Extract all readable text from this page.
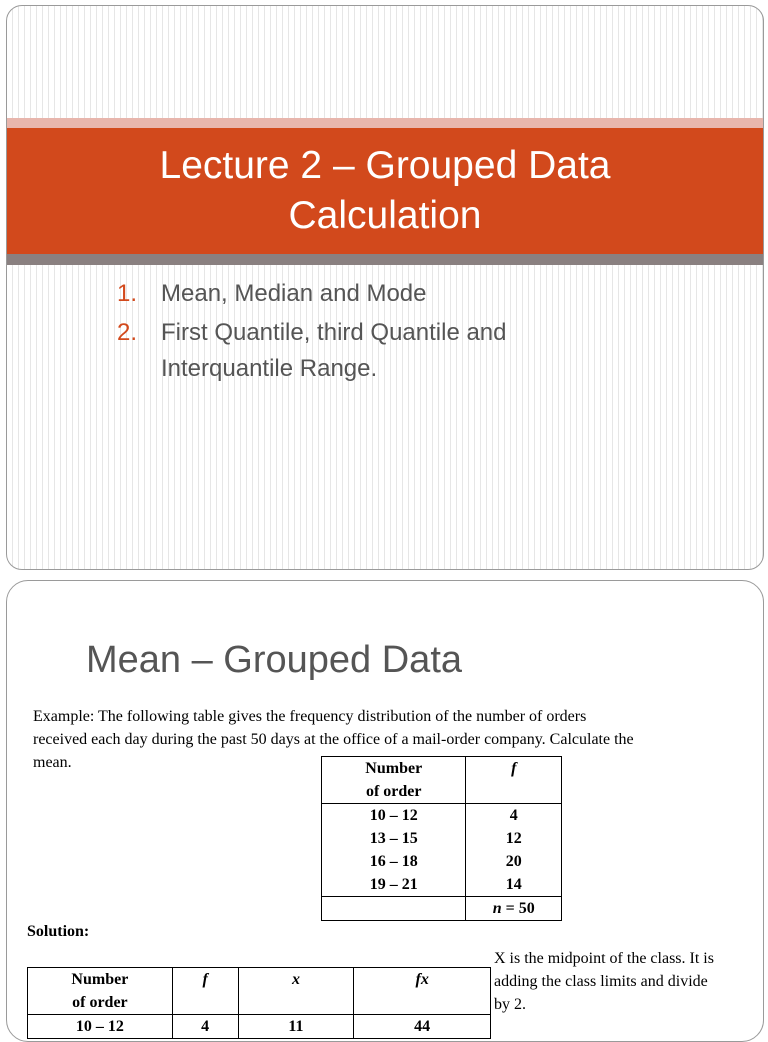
Lecture 2 – Grouped Data
Calculation
1. Mean, Median and Mode
2. First Quantile, third Quantile and Interquantile Range.
Mean – Grouped Data
Example: The following table gives the frequency distribution of the number of orders received each day during the past 50 days at the office of a mail-order company. Calculate the mean.	Number
of order	f
10 – 12	4
13 – 15	12
16 – 18	20
19 – 21	14
	n = 50
Solution:
Number
of order	f	x	fx
10 – 12	4	11	44
X is the midpoint of the class. It is adding the class limits and divide by 2.
